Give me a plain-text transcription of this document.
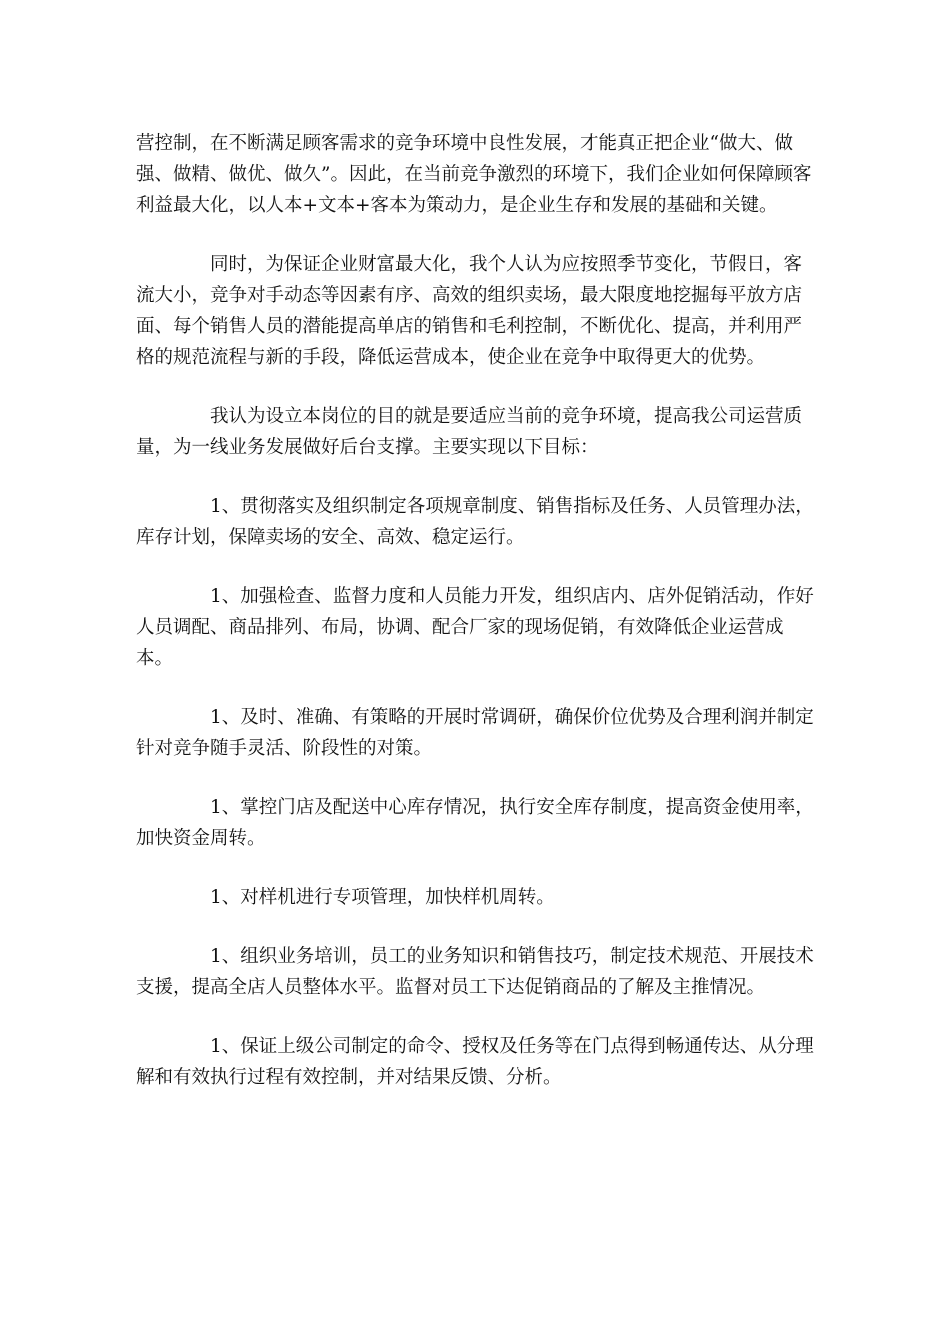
营控制，在不断满足顾客需求的竞争环境中良性发展，才能真正把企业“做大、做强、做精、做优、做久”。因此，在当前竞争激烈的环境下，我们企业如何保障顾客利益最大化，以人本+文本+客本为策动力，是企业生存和发展的基础和关键。

同时，为保证企业财富最大化，我个人认为应按照季节变化，节假日，客流大小，竞争对手动态等因素有序、高效的组织卖场，最大限度地挖掘每平放方店面、每个销售人员的潜能提高单店的销售和毛利控制，不断优化、提高，并利用严格的规范流程与新的手段，降低运营成本，使企业在竞争中取得更大的优势。

我认为设立本岗位的目的就是要适应当前的竞争环境，提高我公司运营质量，为一线业务发展做好后台支撑。主要实现以下目标：

1、贯彻落实及组织制定各项规章制度、销售指标及任务、人员管理办法，库存计划，保障卖场的安全、高效、稳定运行。

1、加强检查、监督力度和人员能力开发，组织店内、店外促销活动，作好人员调配、商品排列、布局，协调、配合厂家的现场促销，有效降低企业运营成本。

1、及时、准确、有策略的开展时常调研，确保价位优势及合理利润并制定针对竞争随手灵活、阶段性的对策。

1、掌控门店及配送中心库存情况，执行安全库存制度，提高资金使用率，加快资金周转。

1、对样机进行专项管理，加快样机周转。

1、组织业务培训，员工的业务知识和销售技巧，制定技术规范、开展技术支援，提高全店人员整体水平。监督对员工下达促销商品的了解及主推情况。

1、保证上级公司制定的命令、授权及任务等在门点得到畅通传达、从分理解和有效执行过程有效控制，并对结果反馈、分析。
